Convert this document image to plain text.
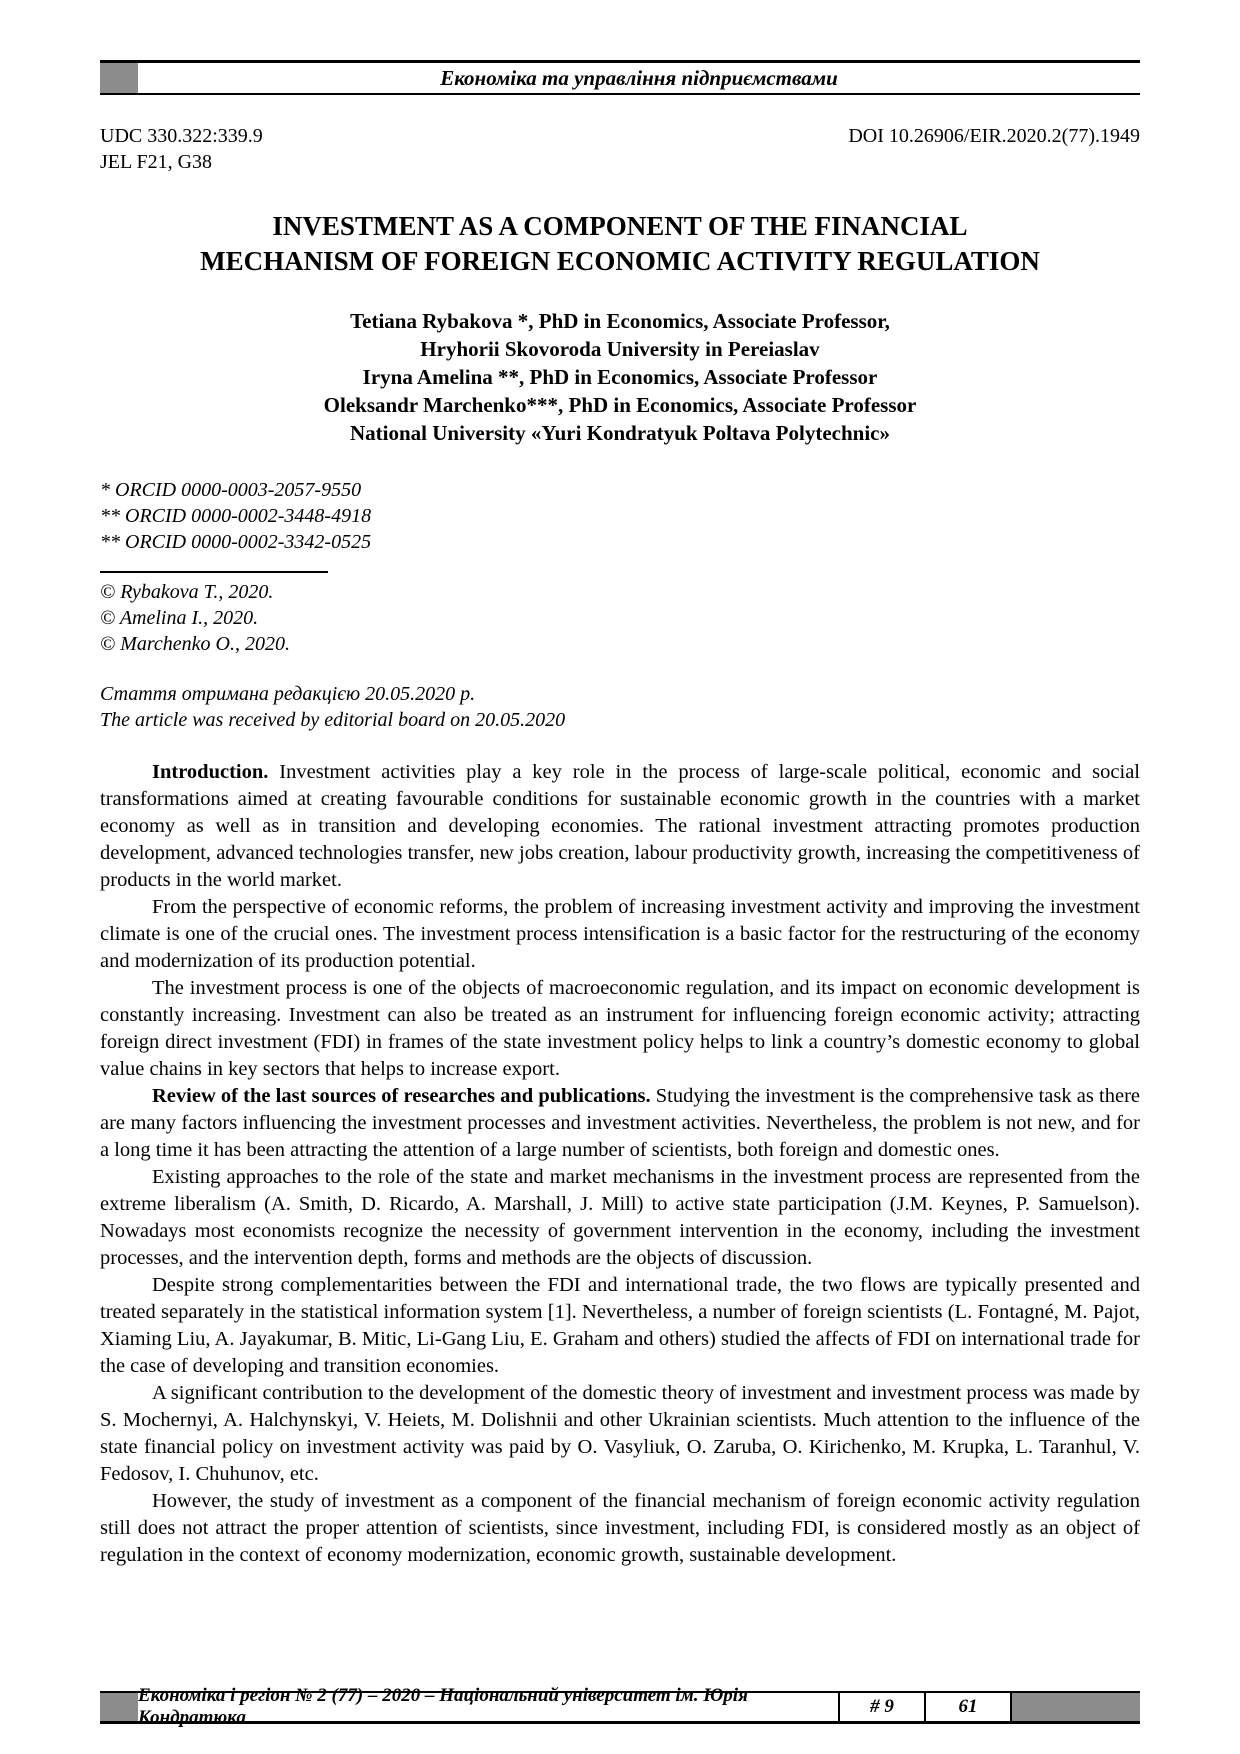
Економіка та управління підприємствами
UDC 330.322:339.9	DOI 10.26906/EIR.2020.2(77).1949
JEL F21, G38
INVESTMENT AS A COMPONENT OF THE FINANCIAL
MECHANISM OF FOREIGN ECONOMIC ACTIVITY REGULATION
Tetiana Rybakova *, PhD in Economics, Associate Professor,
Hryhorii Skovoroda University in Pereiaslav
Iryna Amelina **, PhD in Economics, Associate Professor
Oleksandr Marchenko***, PhD in Economics, Associate Professor
National University «Yuri Kondratyuk Poltava Polytechnic»
* ORCID 0000-0003-2057-9550
** ORCID 0000-0002-3448-4918
** ORCID 0000-0002-3342-0525
© Rybakova T., 2020.
© Amelina I., 2020.
© Marchenko O., 2020.
Стаття отримана редакцією 20.05.2020 р.
The article was received by editorial board on 20.05.2020

Introduction. Investment activities play a key role in the process of large-scale political, economic and social transformations aimed at creating favourable conditions for sustainable economic growth in the countries with a market economy as well as in transition and developing economies. The rational investment attracting promotes production development, advanced technologies transfer, new jobs creation, labour productivity growth, increasing the competitiveness of products in the world market.

From the perspective of economic reforms, the problem of increasing investment activity and improving the investment climate is one of the crucial ones. The investment process intensification is a basic factor for the restructuring of the economy and modernization of its production potential.

The investment process is one of the objects of macroeconomic regulation, and its impact on economic development is constantly increasing. Investment can also be treated as an instrument for influencing foreign economic activity; attracting foreign direct investment (FDI) in frames of the state investment policy helps to link a country’s domestic economy to global value chains in key sectors that helps to increase export.

Review of the last sources of researches and publications. Studying the investment is the comprehensive task as there are many factors influencing the investment processes and investment activities. Nevertheless, the problem is not new, and for a long time it has been attracting the attention of a large number of scientists, both foreign and domestic ones.

Existing approaches to the role of the state and market mechanisms in the investment process are represented from the extreme liberalism (A. Smith, D. Ricardo, A. Marshall, J. Mill) to active state participation (J.M. Keynes, P. Samuelson). Nowadays most economists recognize the necessity of government intervention in the economy, including the investment processes, and the intervention depth, forms and methods are the objects of discussion.

Despite strong complementarities between the FDI and international trade, the two flows are typically presented and treated separately in the statistical information system [1]. Nevertheless, a number of foreign scientists (L. Fontagné, M. Pajot, Xiaming Liu, A. Jayakumar, B. Mitic, Li-Gang Liu, E. Graham and others) studied the affects of FDI on international trade for the case of developing and transition economies.

A significant contribution to the development of the domestic theory of investment and investment process was made by S. Mochernyi, A. Halchynskyi, V. Heiets, M. Dolishnii and other Ukrainian scientists. Much attention to the influence of the state financial policy on investment activity was paid by O. Vasyliuk, O. Zaruba, O. Kirichenko, M. Krupka, L. Taranhul, V. Fedosov, I. Chuhunov, etc.

However, the study of investment as a component of the financial mechanism of foreign economic activity regulation still does not attract the proper attention of scientists, since investment, including FDI, is considered mostly as an object of regulation in the context of economy modernization, economic growth, sustainable development.

Економіка і регіон № 2 (77) – 2020 – Національний університет ім. Юрія Кондратюка
# 9	61
